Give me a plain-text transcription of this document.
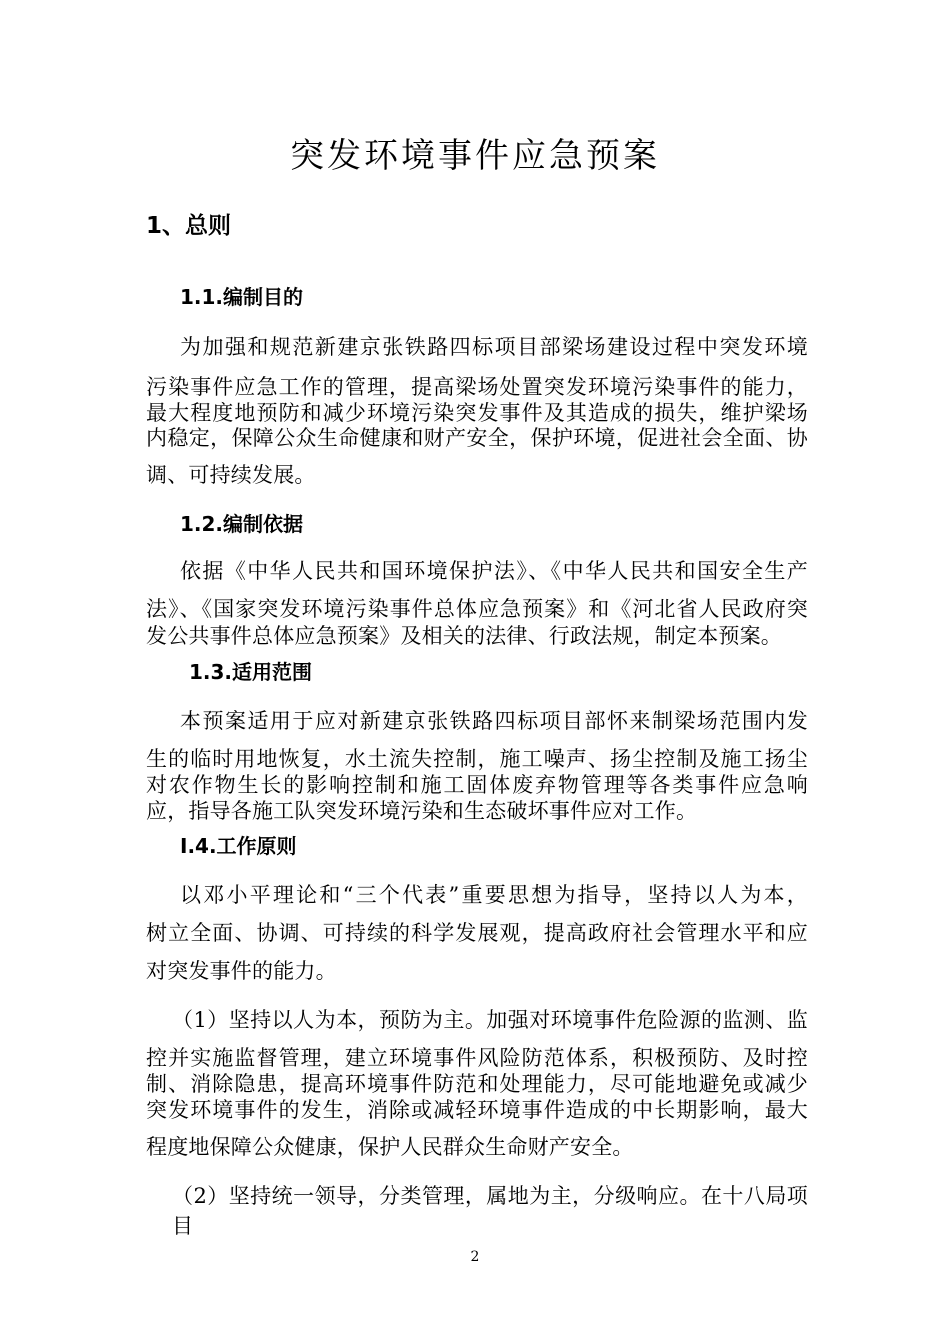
突发环境事件应急预案
1、总则
1.1.编制目的
为加强和规范新建京张铁路四标项目部梁场建设过程中突发环境
污染事件应急工作的管理，提高梁场处置突发环境污染事件的能力，
最大程度地预防和减少环境污染突发事件及其造成的损失，维护梁场
内稳定，保障公众生命健康和财产安全，保护环境，促进社会全面、协
调、可持续发展。
1.2.编制依据
依据《中华人民共和国环境保护法》、《中华人民共和国安全生产
法》、《国家突发环境污染事件总体应急预案》和《河北省人民政府突
发公共事件总体应急预案》及相关的法律、行政法规，制定本预案。
1.3.适用范围
本预案适用于应对新建京张铁路四标项目部怀来制梁场范围内发
生的临时用地恢复，水土流失控制，施工噪声、扬尘控制及施工扬尘
对农作物生长的影响控制和施工固体废弃物管理等各类事件应急响
应，指导各施工队突发环境污染和生态破坏事件应对工作。
I.4.工作原则
以邓小平理论和“三个代表”重要思想为指导，坚持以人为本，
树立全面、协调、可持续的科学发展观，提高政府社会管理水平和应
对突发事件的能力。
（1）坚持以人为本，预防为主。加强对环境事件危险源的监测、监
控并实施监督管理，建立环境事件风险防范体系，积极预防、及时控
制、消除隐患，提高环境事件防范和处理能力，尽可能地避免或减少
突发环境事件的发生，消除或减轻环境事件造成的中长期影响，最大
程度地保障公众健康，保护人民群众生命财产安全。
（2）坚持统一领导，分类管理，属地为主，分级响应。在十八局项目
2
